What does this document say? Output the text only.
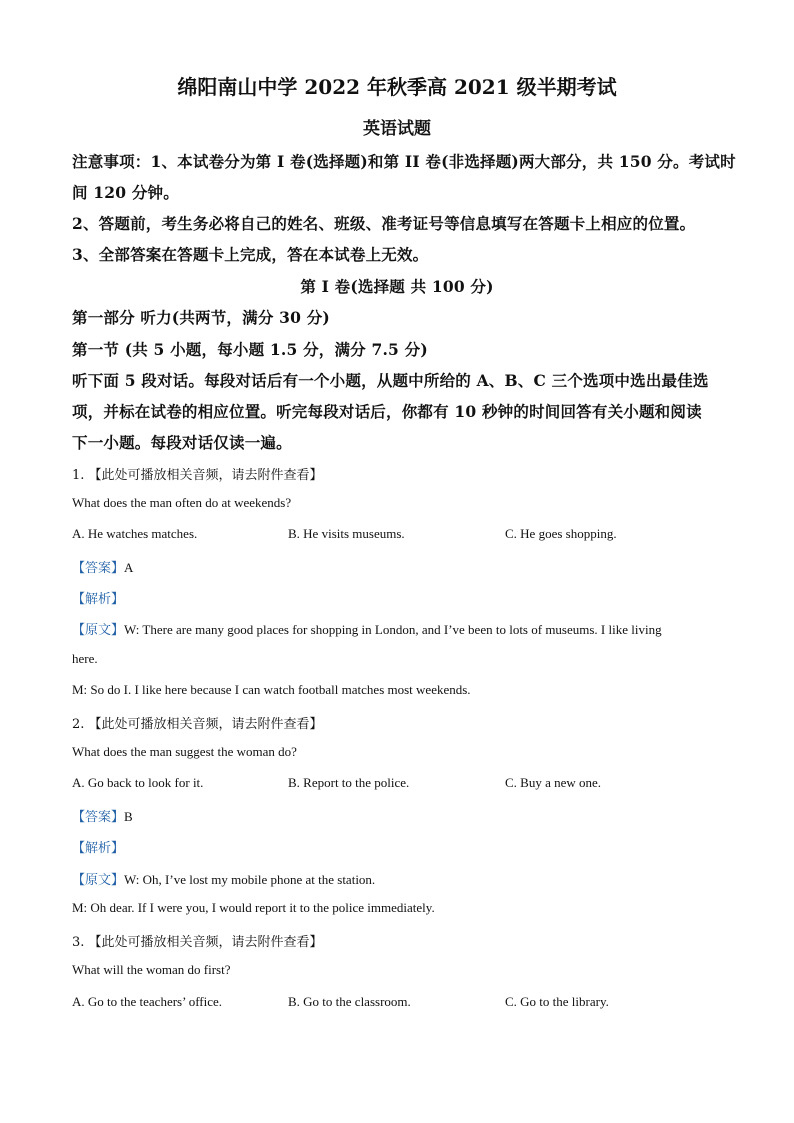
绵阳南山中学 2022 年秋季高 2021 级半期考试
英语试题
注意事项：1、本试卷分为第 I 卷(选择题)和第 II 卷(非选择题)两大部分，共 150 分。考试时
间 120 分钟。
2、答题前，考生务必将自己的姓名、班级、准考证号等信息填写在答题卡上相应的位置。
3、全部答案在答题卡上完成，答在本试卷上无效。
第 I 卷(选择题 共 100 分)
第一部分 听力(共两节，满分 30 分)
第一节 (共 5 小题，每小题 1.5 分，满分 7.5 分)
听下面 5 段对话。每段对话后有一个小题，从题中所给的 A、B、C 三个选项中选出最佳选
项，并标在试卷的相应位置。听完每段对话后，你都有 10 秒钟的时间回答有关小题和阅读
下一小题。每段对话仅读一遍。
1. 【此处可播放相关音频，请去附件查看】
What does the man often do at weekends?
A. He watches matches.	B. He visits museums.	C. He goes shopping.
【答案】A
【解析】
【原文】W: There are many good places for shopping in London, and I’ve been to lots of museums. I like living
here.
M: So do I. I like here because I can watch football matches most weekends.
2. 【此处可播放相关音频，请去附件查看】
What does the man suggest the woman do?
A. Go back to look for it.	B. Report to the police.	C. Buy a new one.
【答案】B
【解析】
【原文】W: Oh, I’ve lost my mobile phone at the station.
M: Oh dear. If I were you, I would report it to the police immediately.
3. 【此处可播放相关音频，请去附件查看】
What will the woman do first?
A. Go to the teachers’ office.	B. Go to the classroom.	C. Go to the library.
